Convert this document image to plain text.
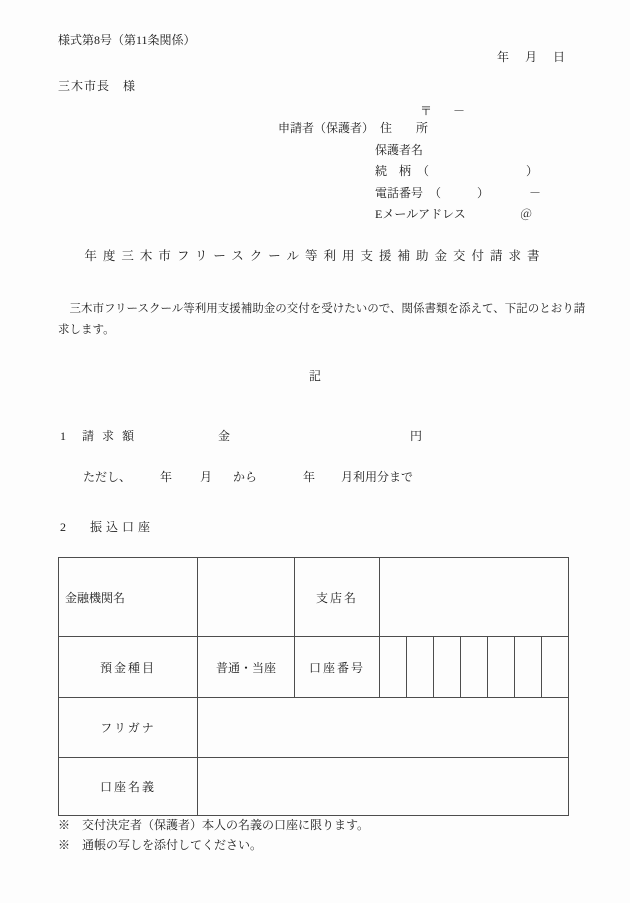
様式第8号（第11条関係）
年　月　日
三木市長　様
〒 －
申請者（保護者）　住　　所
保護者名
続　柄　（	）
電話番号　（	）	－
Eメールアドレス	＠
年度三木市フリースクール等利用支援補助金交付請求書
　三木市フリースクール等利用支援補助金の交付を受けたいので、関係書類を添えて、下記のとおり請
求します。
記
1 請求額	金	円
ただし、 年 月 から	年 月利用分まで
2 振込口座
金融機関名		支店名							
預金種目	普通・当座	口座番号							
フリガナ									
口座名義									
※　交付決定者（保護者）本人の名義の口座に限ります。
※　通帳の写しを添付してください。
